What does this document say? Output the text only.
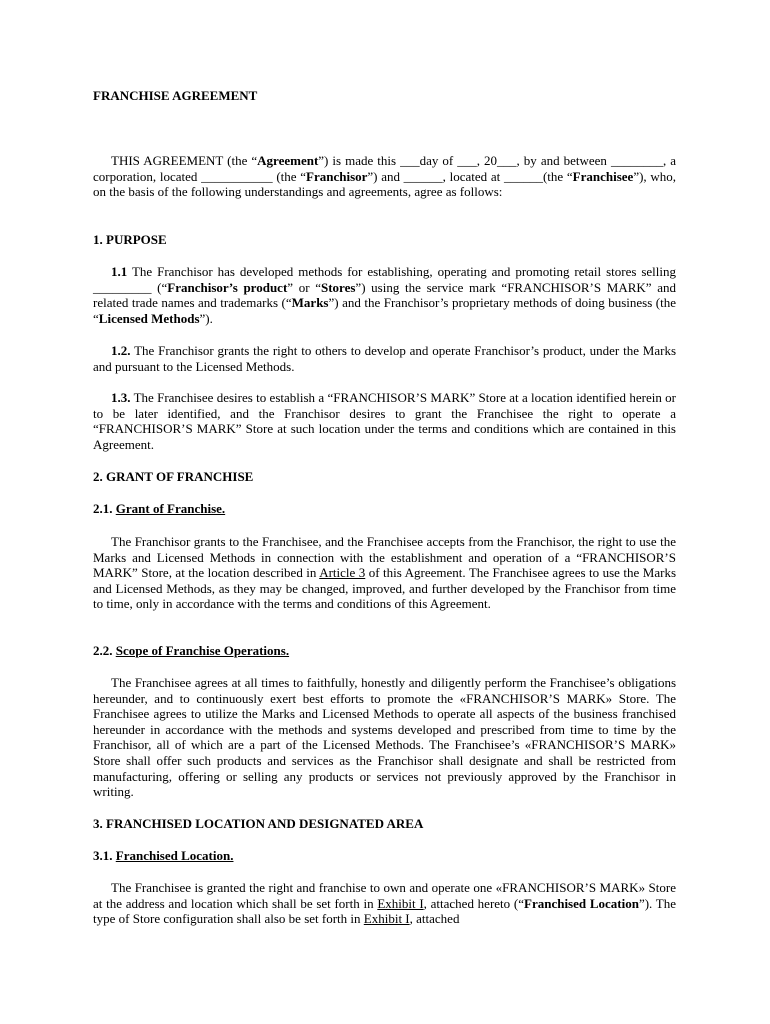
FRANCHISE AGREEMENT

THIS AGREEMENT (the “Agreement”) is made this ___day of ___, 20___, by and between ________, a corporation, located ___________ (the “Franchisor”) and ______, located at ______(the “Franchisee”), who, on the basis of the following understandings and agreements, agree as follows:

1. PURPOSE

1.1 The Franchisor has developed methods for establishing, operating and promoting retail stores selling _________ (“Franchisor’s product” or “Stores”) using the service mark “FRANCHISOR’S MARK” and related trade names and trademarks (“Marks”) and the Franchisor’s proprietary methods of doing business (the “Licensed Methods”).

1.2. The Franchisor grants the right to others to develop and operate Franchisor’s product, under the Marks and pursuant to the Licensed Methods.

1.3. The Franchisee desires to establish a “FRANCHISOR’S MARK” Store at a location identified herein or to be later identified, and the Franchisor desires to grant the Franchisee the right to operate a “FRANCHISOR’S MARK” Store at such location under the terms and conditions which are contained in this Agreement.

2. GRANT OF FRANCHISE
2.1. Grant of Franchise.

The Franchisor grants to the Franchisee, and the Franchisee accepts from the Franchisor, the right to use the Marks and Licensed Methods in connection with the establishment and operation of a “FRANCHISOR’S MARK” Store, at the location described in Article 3 of this Agreement. The Franchisee agrees to use the Marks and Licensed Methods, as they may be changed, improved, and further developed by the Franchisor from time to time, only in accordance with the terms and conditions of this Agreement.

2.2. Scope of Franchise Operations.

The Franchisee agrees at all times to faithfully, honestly and diligently perform the Franchisee’s obligations hereunder, and to continuously exert best efforts to promote the «FRANCHISOR’S MARK» Store. The Franchisee agrees to utilize the Marks and Licensed Methods to operate all aspects of the business franchised hereunder in accordance with the methods and systems developed and prescribed from time to time by the Franchisor, all of which are a part of the Licensed Methods. The Franchisee’s «FRANCHISOR’S MARK» Store shall offer such products and services as the Franchisor shall designate and shall be restricted from manufacturing, offering or selling any products or services not previously approved by the Franchisor in writing.

3. FRANCHISED LOCATION AND DESIGNATED AREA
3.1. Franchised Location.

The Franchisee is granted the right and franchise to own and operate one «FRANCHISOR’S MARK» Store at the address and location which shall be set forth in Exhibit I, attached hereto (“Franchised Location”). The type of Store configuration shall also be set forth in Exhibit I, attached
